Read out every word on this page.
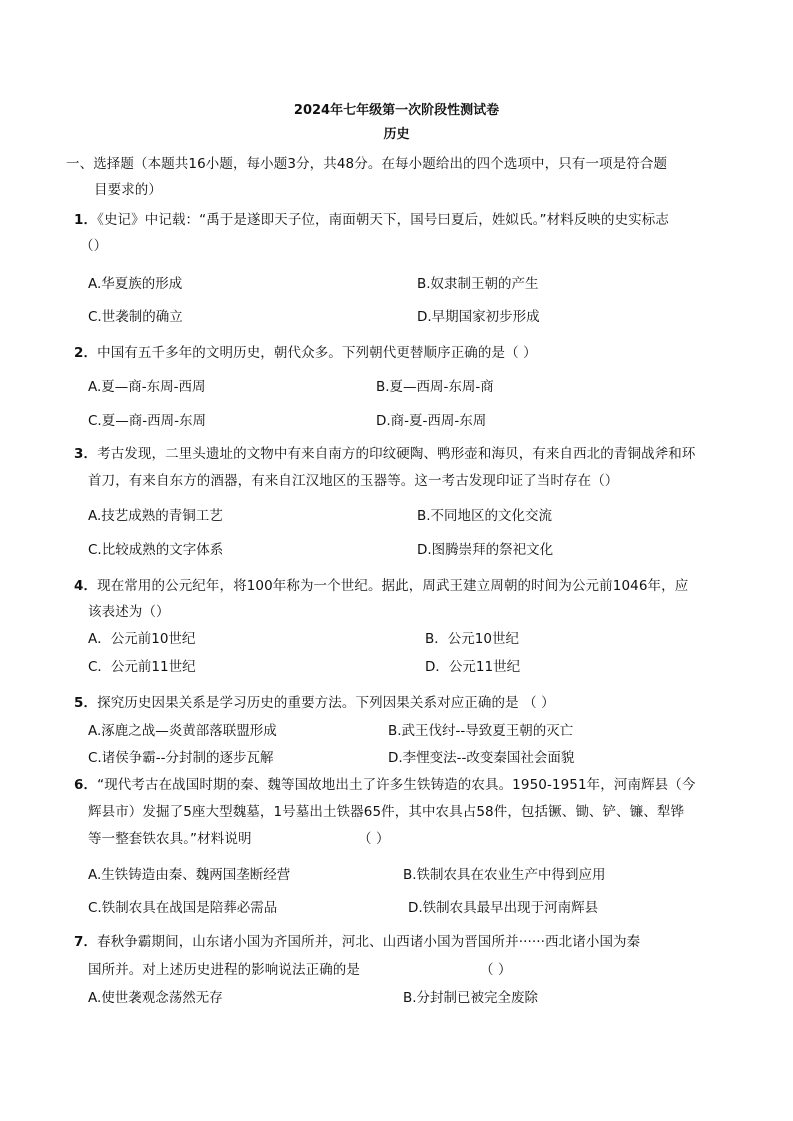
2024年七年级第一次阶段性测试卷
历史
一、选择题（本题共16小题，每小题3分，共48分。在每小题给出的四个选项中，只有一项是符合题
目要求的）
1．《史记》中记载：“禹于是遂即天子位，南面朝天下，国号曰夏后，姓姒氏。”材料反映的史实标志
（）
A.华夏族的形成	B.奴隶制王朝的产生
C.世袭制的确立	D.早期国家初步形成
2．中国有五千多年的文明历史，朝代众多。下列朝代更替顺序正确的是（ ）
A.夏—商-东周-西周	B.夏—西周-东周-商
C.夏—商-西周-东周	D.商-夏-西周-东周
3．考古发现，二里头遗址的文物中有来自南方的印纹硬陶、鸭形壶和海贝，有来自西北的青铜战斧和环
首刀，有来自东方的酒器，有来自江汉地区的玉器等。这一考古发现印证了当时存在（）
A.技艺成熟的青铜工艺	B.不同地区的文化交流
C.比较成熟的文字体系	D.图腾崇拜的祭祀文化
4．现在常用的公元纪年，将100年称为一个世纪。据此，周武王建立周朝的时间为公元前1046年，应
该表述为（）
A．公元前10世纪	B．公元10世纪
C．公元前11世纪	D．公元11世纪
5．探究历史因果关系是学习历史的重要方法。下列因果关系对应正确的是 （ ）
A.涿鹿之战—炎黄部落联盟形成	B.武王伐纣--导致夏王朝的灭亡
C.诸侯争霸--分封制的逐步瓦解	D.李悝变法--改变秦国社会面貌
6．“现代考古在战国时期的秦、魏等国故地出土了许多生铁铸造的农具。1950-1951年，河南辉县（今
辉县市）发掘了5座大型魏墓，1号墓出土铁器65件，其中农具占58件，包括镢、锄、铲、镰、犁铧
等一整套铁农具。”材料说明	（ ）
A.生铁铸造由秦、魏两国垄断经营	B.铁制农具在农业生产中得到应用
C.铁制农具在战国是陪葬必需品	D.铁制农具最早出现于河南辉县
7．春秋争霸期间，山东诸小国为齐国所并，河北、山西诸小国为晋国所并······西北诸小国为秦
国所并。对上述历史进程的影响说法正确的是	（ ）
A.使世袭观念荡然无存	B.分封制已被完全废除
